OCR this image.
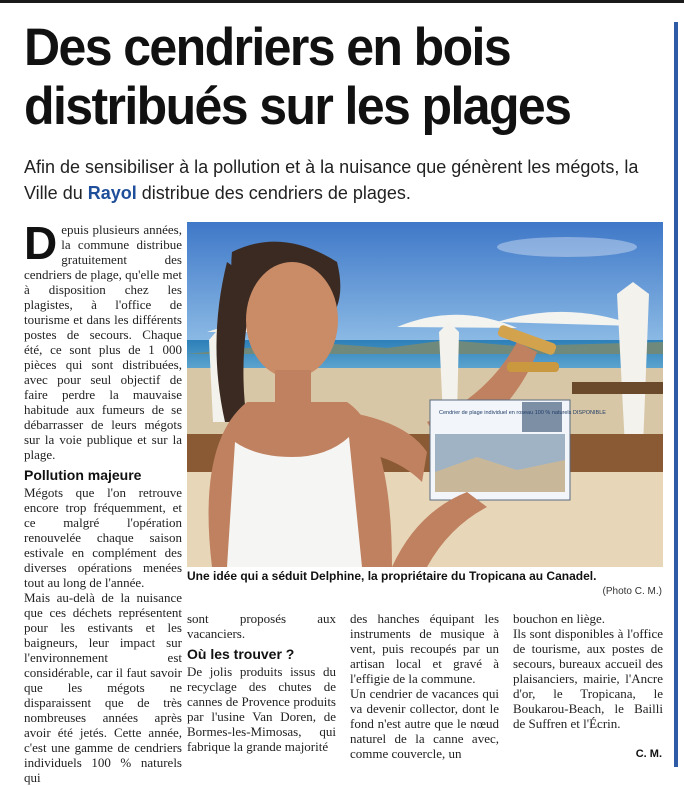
Des cendriers en bois distribués sur les plages

Afin de sensibiliser à la pollution et à la nuisance que génèrent les mégots, la Ville du Rayol distribue des cendriers de plages.

Depuis plusieurs années, la commune distribue gratuitement des cendriers de plage, qu'elle met à disposition chez les plagistes, à l'office de tourisme et dans les différents postes de secours. Chaque été, ce sont plus de 1 000 pièces qui sont distribuées, avec pour seul objectif de faire perdre la mauvaise habitude aux fumeurs de se débarrasser de leurs mégots sur la voie publique et sur la plage.

Pollution majeure

Mégots que l'on retrouve encore trop fréquemment, et ce malgré l'opération renouvelée chaque saison estivale en complément des diverses opérations menées tout au long de l'année.

Mais au-delà de la nuisance que ces déchets représentent pour les estivants et les baigneurs, leur impact sur l'environnement est considérable, car il faut savoir que les mégots ne disparaissent que de très nombreuses années après avoir été jetés. Cette année, c'est une gamme de cendriers individuels 100 % naturels qui

Cendrier de plage individuel en roseau 100 % naturels DISPONIBLE

Une idée qui a séduit Delphine, la propriétaire du Tropicana au Canadel.

(Photo C. M.)

sont proposés aux vacanciers.

Où les trouver ?

De jolis produits issus du recyclage des chutes de cannes de Provence produits par l'usine Van Doren, de Bormes-les-Mimosas, qui fabrique la grande majorité

des hanches équipant les instruments de musique à vent, puis recoupés par un artisan local et gravé à l'effigie de la commune.

Un cendrier de vacances qui va devenir collector, dont le fond n'est autre que le nœud naturel de la canne avec, comme couvercle, un

bouchon en liège.

Ils sont disponibles à l'office de tourisme, aux postes de secours, bureaux accueil des plaisanciers, mairie, l'Ancre d'or, le Tropicana, le Boukarou-Beach, le Bailli de Suffren et l'Écrin.

C. M.
